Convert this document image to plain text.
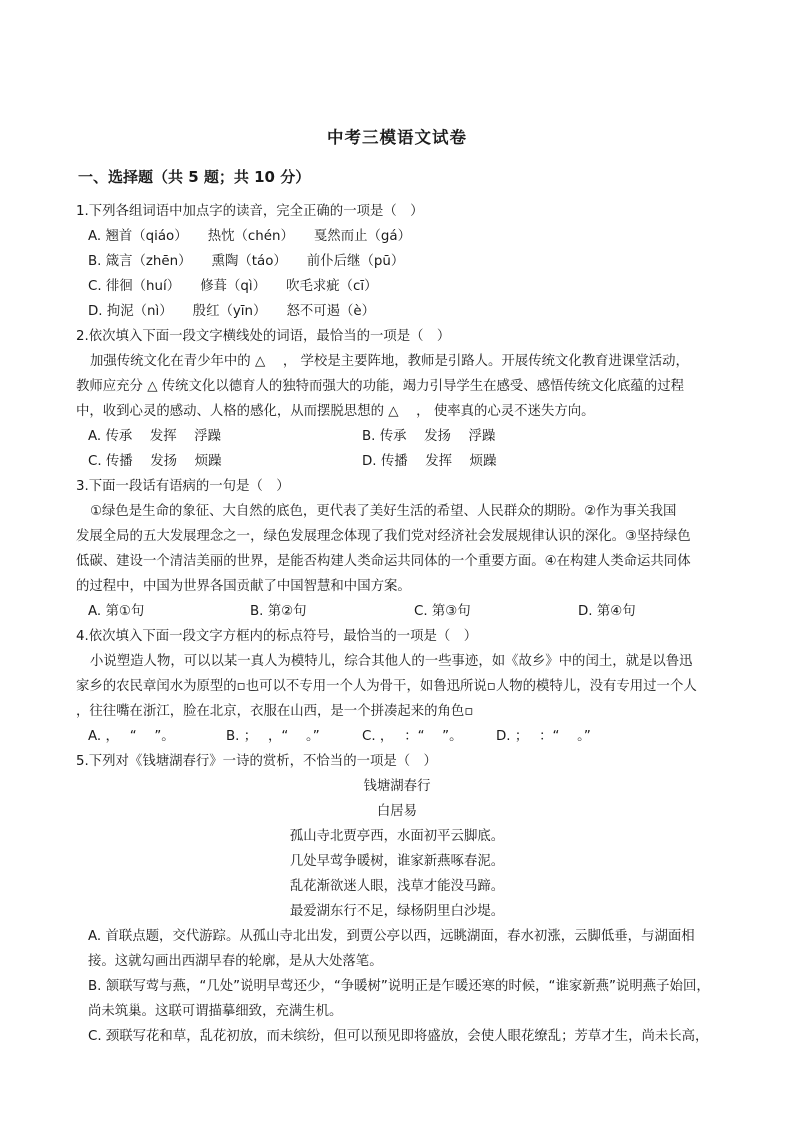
中考三模语文试卷
一、选择题（共 5 题；共 10 分）
1.下列各组词语中加点字的读音，完全正确的一项是（　）
A. 翘首（qiáo）　　热忱（chén）　　戛然而止（gá）
B. 箴言（zhēn）　　熏陶（táo）　　前仆后继（pū）
C. 徘徊（huí）　　修葺（qì）　　吹毛求疵（cī）
D. 拘泥（nì）　　殷红（yīn）　　怒不可遏（è）
2.依次填入下面一段文字横线处的词语，最恰当的一项是（　）
加强传统文化在青少年中的 △　 ， 学校是主要阵地，教师是引路人。开展传统文化教育进课堂活动，
教师应充分 △ 传统文化以德育人的独特而强大的功能，竭力引导学生在感受、感悟传统文化底蕴的过程
中，收到心灵的感动、人格的感化，从而摆脱思想的 △　 ， 使率真的心灵不迷失方向。
A. 传承　 发挥　 浮躁	B. 传承　 发扬　 浮躁
C. 传播　 发扬　 烦躁	D. 传播　 发挥　 烦躁
3.下面一段话有语病的一句是（　）
①绿色是生命的象征、大自然的底色，更代表了美好生活的希望、人民群众的期盼。②作为事关我国
发展全局的五大发展理念之一，绿色发展理念体现了我们党对经济社会发展规律认识的深化。③坚持绿色
低碳、建设一个清洁美丽的世界，是能否构建人类命运共同体的一个重要方面。④在构建人类命运共同体
的过程中，中国为世界各国贡献了中国智慧和中国方案。
A. 第①句	B. 第②句	C. 第③句	D. 第④句
4.依次填入下面一段文字方框内的标点符号，最恰当的一项是（　）
小说塑造人物，可以以某一真人为模特儿，综合其他人的一些事迹，如《故乡》中的闰土，就是以鲁迅
家乡的农民章闰水为原型的▫也可以不专用一个人为骨干，如鲁迅所说▫人物的模特儿，没有专用过一个人
，往往嘴在浙江，脸在北京，衣服在山西，是一个拼凑起来的角色▫
A. ，　 “　 ”。	B. ；　 ，“　 。”	C. ，　 ：“　 ”。 D. ；　 ：“　 。”
5.下列对《钱塘湖春行》一诗的赏析，不恰当的一项是（　）
钱塘湖春行
白居易
孤山寺北贾亭西，水面初平云脚底。
几处早莺争暖树，谁家新燕啄春泥。
乱花渐欲迷人眼，浅草才能没马蹄。
最爱湖东行不足，绿杨阴里白沙堤。
A. 首联点题，交代游踪。从孤山寺北出发，到贾公亭以西，远眺湖面，春水初涨，云脚低垂，与湖面相
接。这就勾画出西湖早春的轮廓，是从大处落笔。
B. 颔联写莺与燕，“几处”说明早莺还少，“争暖树”说明正是乍暖还寒的时候，“谁家新燕”说明燕子始回，
尚未筑巢。这联可谓描摹细致，充满生机。
C. 颈联写花和草，乱花初放，而未缤纷，但可以预见即将盛放，会使人眼花缭乱；芳草才生，尚未长高，
